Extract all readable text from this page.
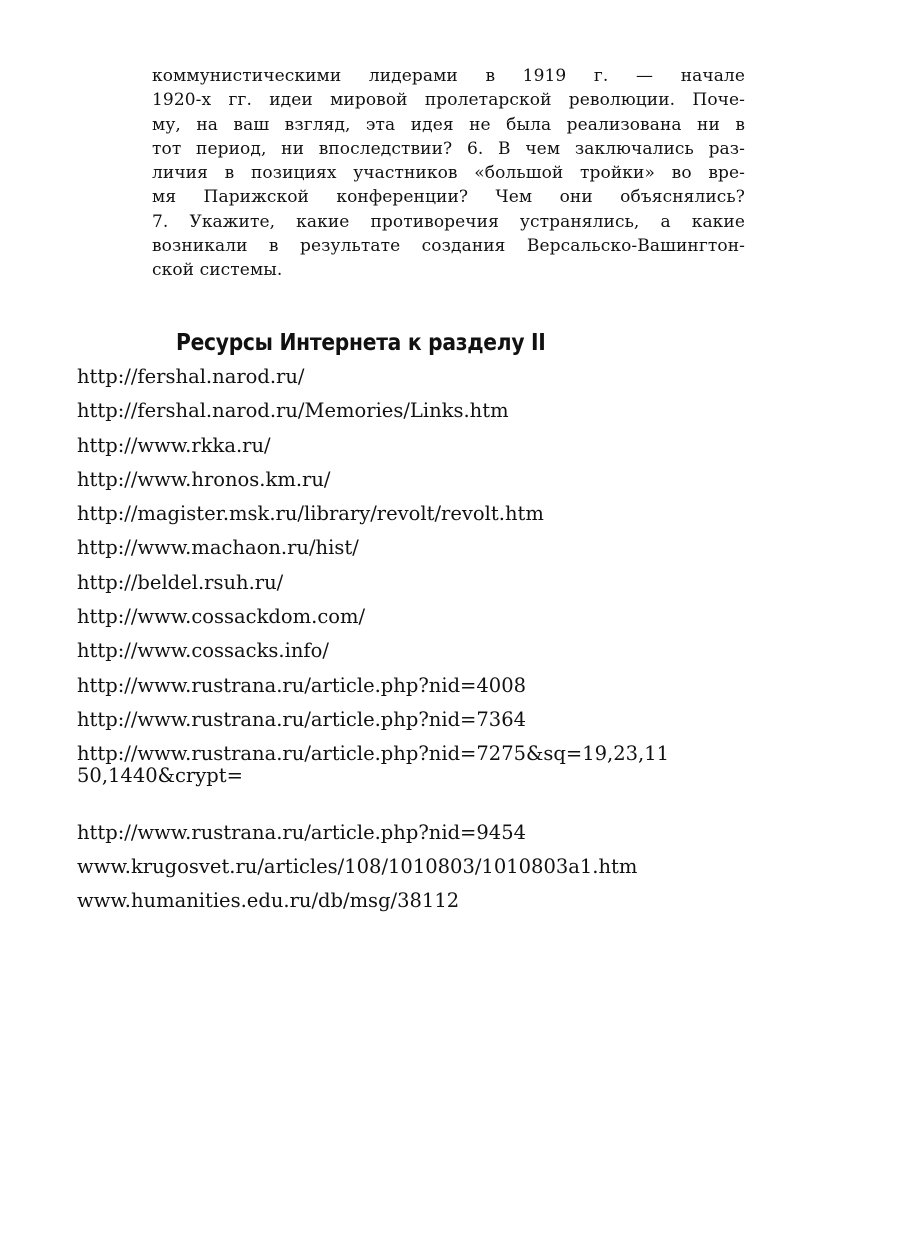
коммунистическими лидерами в 1919 г. — начале
1920-х гг. идеи мировой пролетарской революции. Поче-
му, на ваш взгляд, эта идея не была реализована ни в
тот период, ни впоследствии? 6. В чем заключались раз-
личия в позициях участников «большой тройки» во вре-
мя Парижской конференции? Чем они объяснялись?
7. Укажите, какие противоречия устранялись, а какие
возникали в результате создания Версальско-Вашингтон-
ской системы.
Ресурсы Интернета к разделу II
http://fershal.narod.ru/
http://fershal.narod.ru/Memories/Links.htm
http://www.rkka.ru/
http://www.hronos.km.ru/
http://magister.msk.ru/library/revolt/revolt.htm
http://www.machaon.ru/hist/
http://beldel.rsuh.ru/
http://www.cossackdom.com/
http://www.cossacks.info/
http://www.rustrana.ru/article.php?nid=4008
http://www.rustrana.ru/article.php?nid=7364
http://www.rustrana.ru/article.php?nid=7275&sq=19,23,11
50,1440&crypt=
http://www.rustrana.ru/article.php?nid=9454
www.krugosvet.ru/articles/108/1010803/1010803a1.htm
www.humanities.edu.ru/db/msg/38112
